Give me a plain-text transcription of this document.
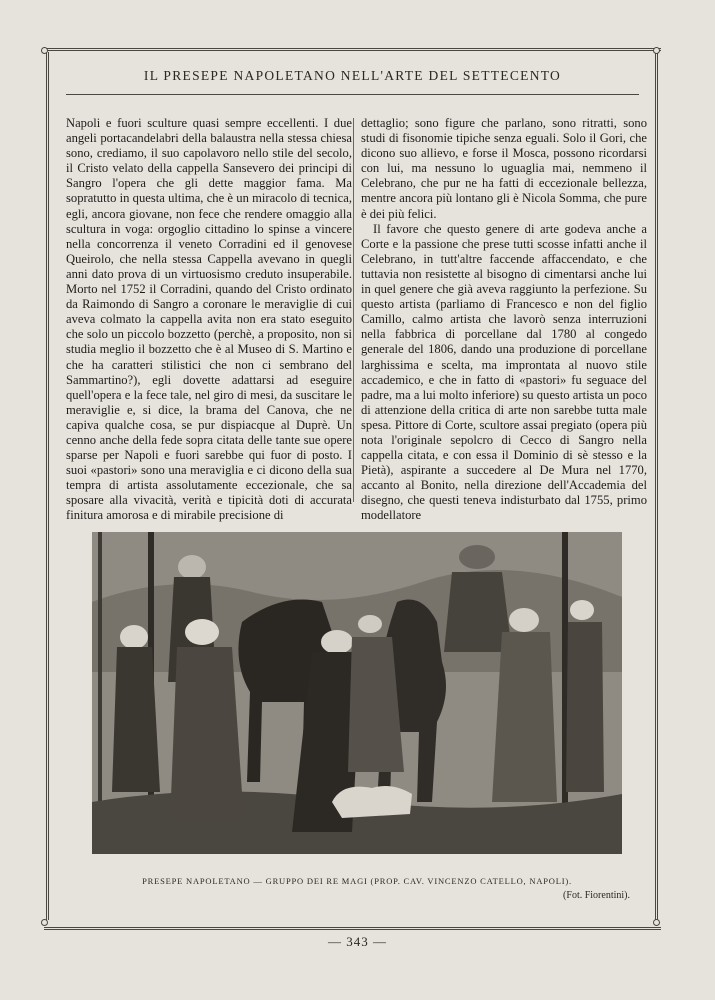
IL PRESEPE NAPOLETANO NELL'ARTE DEL SETTECENTO

Napoli e fuori sculture quasi sempre eccellenti. I due angeli portacandelabri della balaustra nella stessa chiesa sono, crediamo, il suo capolavoro nello stile del secolo, il Cristo velato della cappella Sansevero dei principi di Sangro l'opera che gli dette maggior fama. Ma sopratutto in questa ultima, che è un miracolo di tecnica, egli, ancora giovane, non fece che rendere omaggio alla scultura in voga: orgoglio cittadino lo spinse a vincere nella concorrenza il veneto Corradini ed il genovese Queirolo, che nella stessa Cappella avevano in quegli anni dato prova di un virtuosismo creduto insuperabile. Morto nel 1752 il Corradini, quando del Cristo ordinato da Raimondo di Sangro a coronare le meraviglie di cui aveva colmato la cappella avita non era stato eseguito che solo un piccolo bozzetto (perchè, a proposito, non si studia meglio il bozzetto che è al Museo di S. Martino e che ha caratteri stilistici che non ci sembrano del Sammartino?), egli dovette adattarsi ad eseguire quell'opera e la fece tale, nel giro di mesi, da suscitare le meraviglie e, si dice, la brama del Canova, che ne capiva qualche cosa, se pur dispiacque al Duprè. Un cenno anche della fede sopra citata delle tante sue opere sparse per Napoli e fuori sarebbe qui fuor di posto. I suoi «pastori» sono una meraviglia e ci dicono della sua tempra di artista assolutamente eccezionale, che sa sposare alla vivacità, verità e tipicità doti di accurata finitura amorosa e di mirabile precisione di

dettaglio; sono figure che parlano, sono ritratti, sono studi di fisonomie tipiche senza eguali. Solo il Gori, che dicono suo allievo, e forse il Mosca, possono ricordarsi con lui, ma nessuno lo uguaglia mai, nemmeno il Celebrano, che pur ne ha fatti di eccezionale bellezza, mentre ancora più lontano gli è Nicola Somma, che pure è dei più felici.

Il favore che questo genere di arte godeva anche a Corte e la passione che prese tutti scosse infatti anche il Celebrano, in tutt'altre faccende affaccendato, e che tuttavia non resistette al bisogno di cimentarsi anche lui in quel genere che già aveva raggiunto la perfezione. Su questo artista (parliamo di Francesco e non del figlio Camillo, calmo artista che lavorò senza interruzioni nella fabbrica di porcellane dal 1780 al congedo generale del 1806, dando una produzione di porcellane larghissima e scelta, ma improntata al nuovo stile accademico, e che in fatto di «pastori» fu seguace del padre, ma a lui molto inferiore) su questo artista un poco di attenzione della critica di arte non sarebbe tutta male spesa. Pittore di Corte, scultore assai pregiato (opera più nota l'originale sepolcro di Cecco di Sangro nella cappella citata, e con essa il Dominio di sè stesso e la Pietà), aspirante a succedere al De Mura nel 1770, accanto al Bonito, nella direzione dell'Accademia del disegno, che questi teneva indisturbato dal 1755, primo modellatore

PRESEPE NAPOLETANO — GRUPPO DEI RE MAGI (PROP. CAV. VINCENZO CATELLO, NAPOLI).
(Fot. Fiorentini).
— 343 —
